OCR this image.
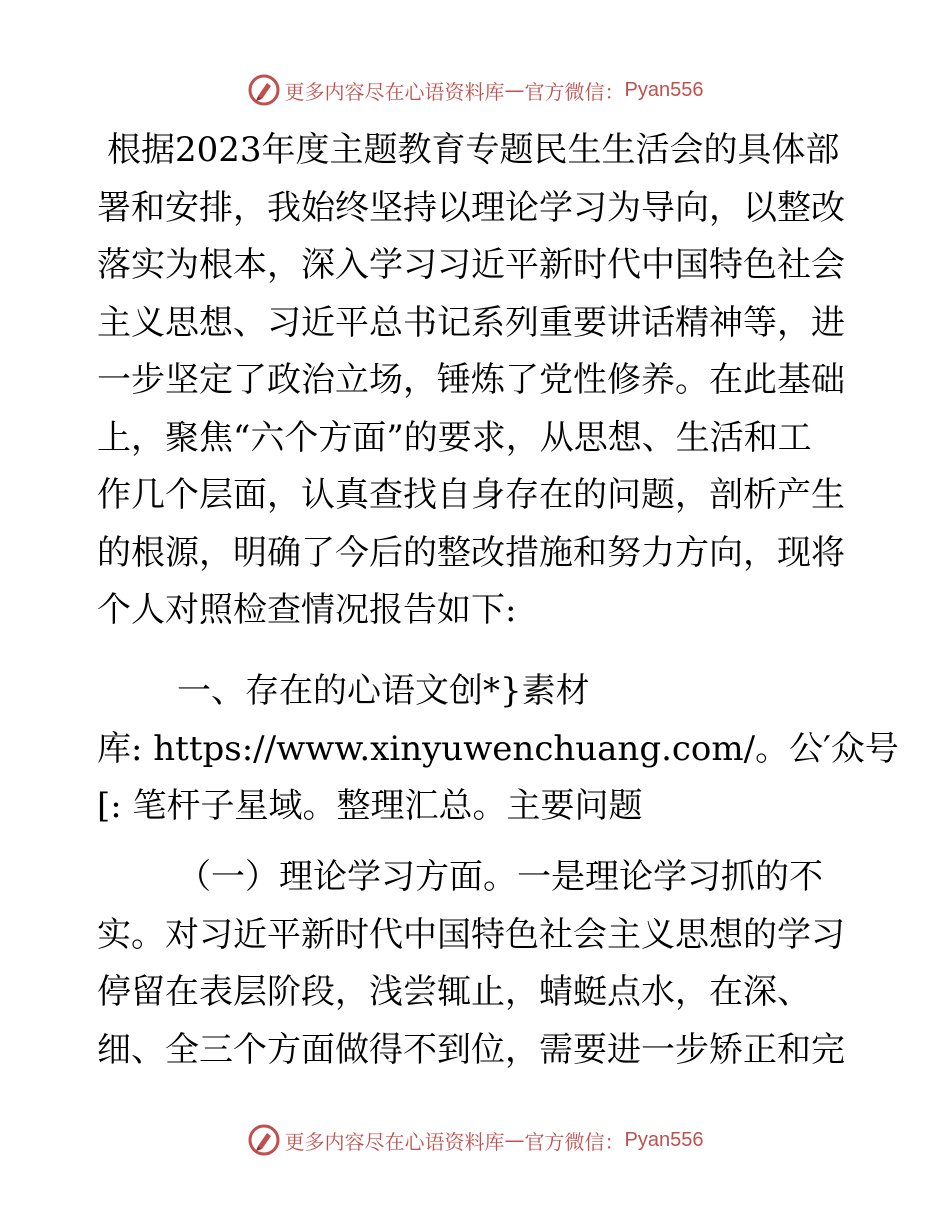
更多内容尽在心语资料库 — 官方微信： Pyan556
根据2023年度主题教育专题民生生活会的具体部
署和安排，我始终坚持以理论学习为导向，以整改
落实为根本，深入学习习近平新时代中国特色社会
主义思想、习近平总书记系列重要讲话精神等，进
一步坚定了政治立场，锤炼了党性修养。在此基础
上，聚焦“六个方面”的要求，从思想、生活和工
作几个层面，认真查找自身存在的问题，剖析产生
的根源，明确了今后的整改措施和努力方向，现将
个人对照检查情况报告如下:
一、存在的心语文创*}素材
库: https://www.xinyuwenchuang.com/。公′众号
[: 笔杆子星域。整理汇总。主要问题
（一）理论学习方面。一是理论学习抓的不
实。对习近平新时代中国特色社会主义思想的学习
停留在表层阶段，浅尝辄止，蜻蜓点水，在深、
细、全三个方面做得不到位，需要进一步矫正和完
更多内容尽在心语资料库 — 官方微信： Pyan556
